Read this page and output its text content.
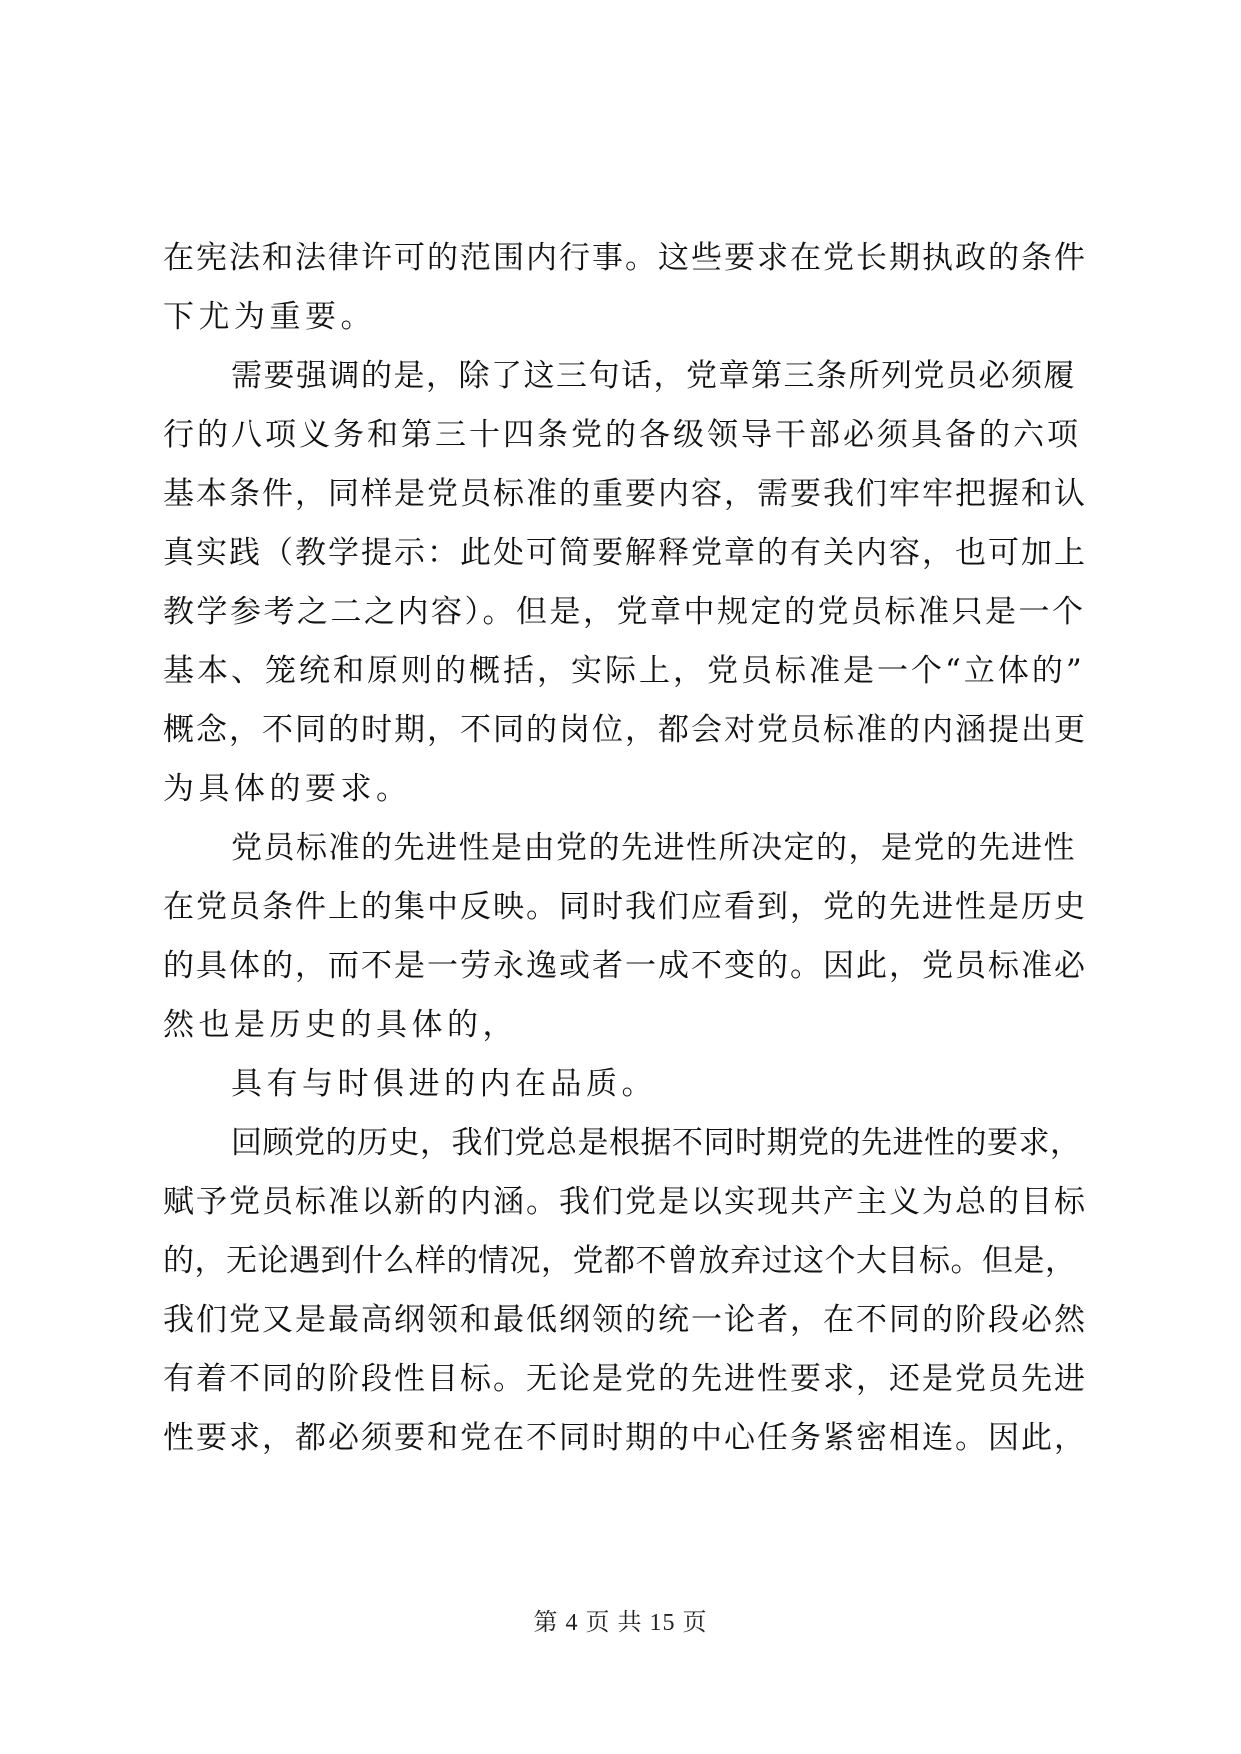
在宪法和法律许可的范围内行事。这些要求在党长期执政的条件
下尤为重要。
需要强调的是，除了这三句话，党章第三条所列党员必须履
行的八项义务和第三十四条党的各级领导干部必须具备的六项
基本条件，同样是党员标准的重要内容，需要我们牢牢把握和认
真实践（教学提示：此处可简要解释党章的有关内容，也可加上
教学参考之二之内容）。但是，党章中规定的党员标准只是一个
基本、笼统和原则的概括，实际上，党员标准是一个“立体的”
概念，不同的时期，不同的岗位，都会对党员标准的内涵提出更
为具体的要求。
党员标准的先进性是由党的先进性所决定的，是党的先进性
在党员条件上的集中反映。同时我们应看到，党的先进性是历史
的具体的，而不是一劳永逸或者一成不变的。因此，党员标准必
然也是历史的具体的，
具有与时俱进的内在品质。
回顾党的历史，我们党总是根据不同时期党的先进性的要求，
赋予党员标准以新的内涵。我们党是以实现共产主义为总的目标
的，无论遇到什么样的情况，党都不曾放弃过这个大目标。但是，
我们党又是最高纲领和最低纲领的统一论者，在不同的阶段必然
有着不同的阶段性目标。无论是党的先进性要求，还是党员先进
性要求，都必须要和党在不同时期的中心任务紧密相连。因此，
第 4 页 共 15 页
